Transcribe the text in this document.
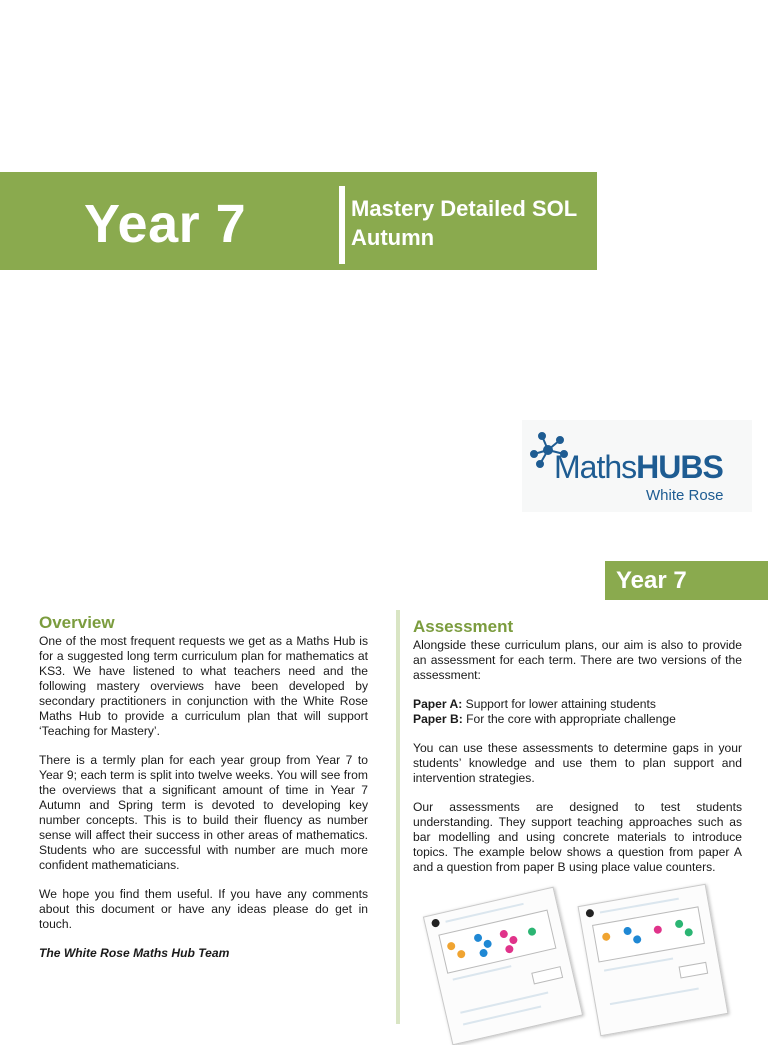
Year 7	Mastery Detailed SOL
Autumn
MathsHUBS
White Rose
Year 7
Overview

One of the most frequent requests we get as a Maths Hub is for a suggested long term curriculum plan for mathematics at KS3. We have listened to what teachers need and the following mastery overviews have been developed by secondary practitioners in conjunction with the White Rose Maths Hub to provide a curriculum plan that will support ‘Teaching for Mastery’.

There is a termly plan for each year group from Year 7 to Year 9; each term is split into twelve weeks. You will see from the overviews that a significant amount of time in Year 7 Autumn and Spring term is devoted to developing key number concepts. This is to build their fluency as number sense will affect their success in other areas of mathematics. Students who are successful with number are much more confident mathematicians.

We hope you find them useful. If you have any comments about this document or have any ideas please do get in touch.

The White Rose Maths Hub Team
Assessment

Alongside these curriculum plans, our aim is also to provide an assessment for each term. There are two versions of the assessment:

Paper A: Support for lower attaining students
Paper B: For the core with appropriate challenge

You can use these assessments to determine gaps in your students’ knowledge and use them to plan support and intervention strategies.

Our assessments are designed to test students understanding. They support teaching approaches such as bar modelling and using concrete materials to introduce topics. The example below shows a question from paper A and a question from paper B using place value counters.
